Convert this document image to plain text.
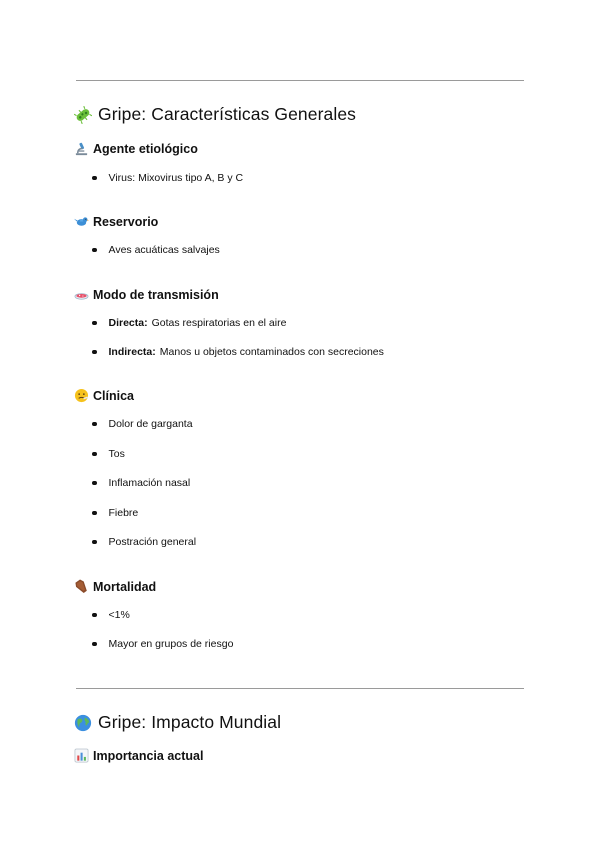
Gripe: Características Generales
Agente etiológico
Virus: Mixovirus tipo A, B y C
Reservorio
Aves acuáticas salvajes
Modo de transmisión
Directa: Gotas respiratorias en el aire
Indirecta: Manos u objetos contaminados con secreciones
Clínica
Dolor de garganta
Tos
Inflamación nasal
Fiebre
Postración general
Mortalidad
<1%
Mayor en grupos de riesgo
Gripe: Impacto Mundial
Importancia actual
